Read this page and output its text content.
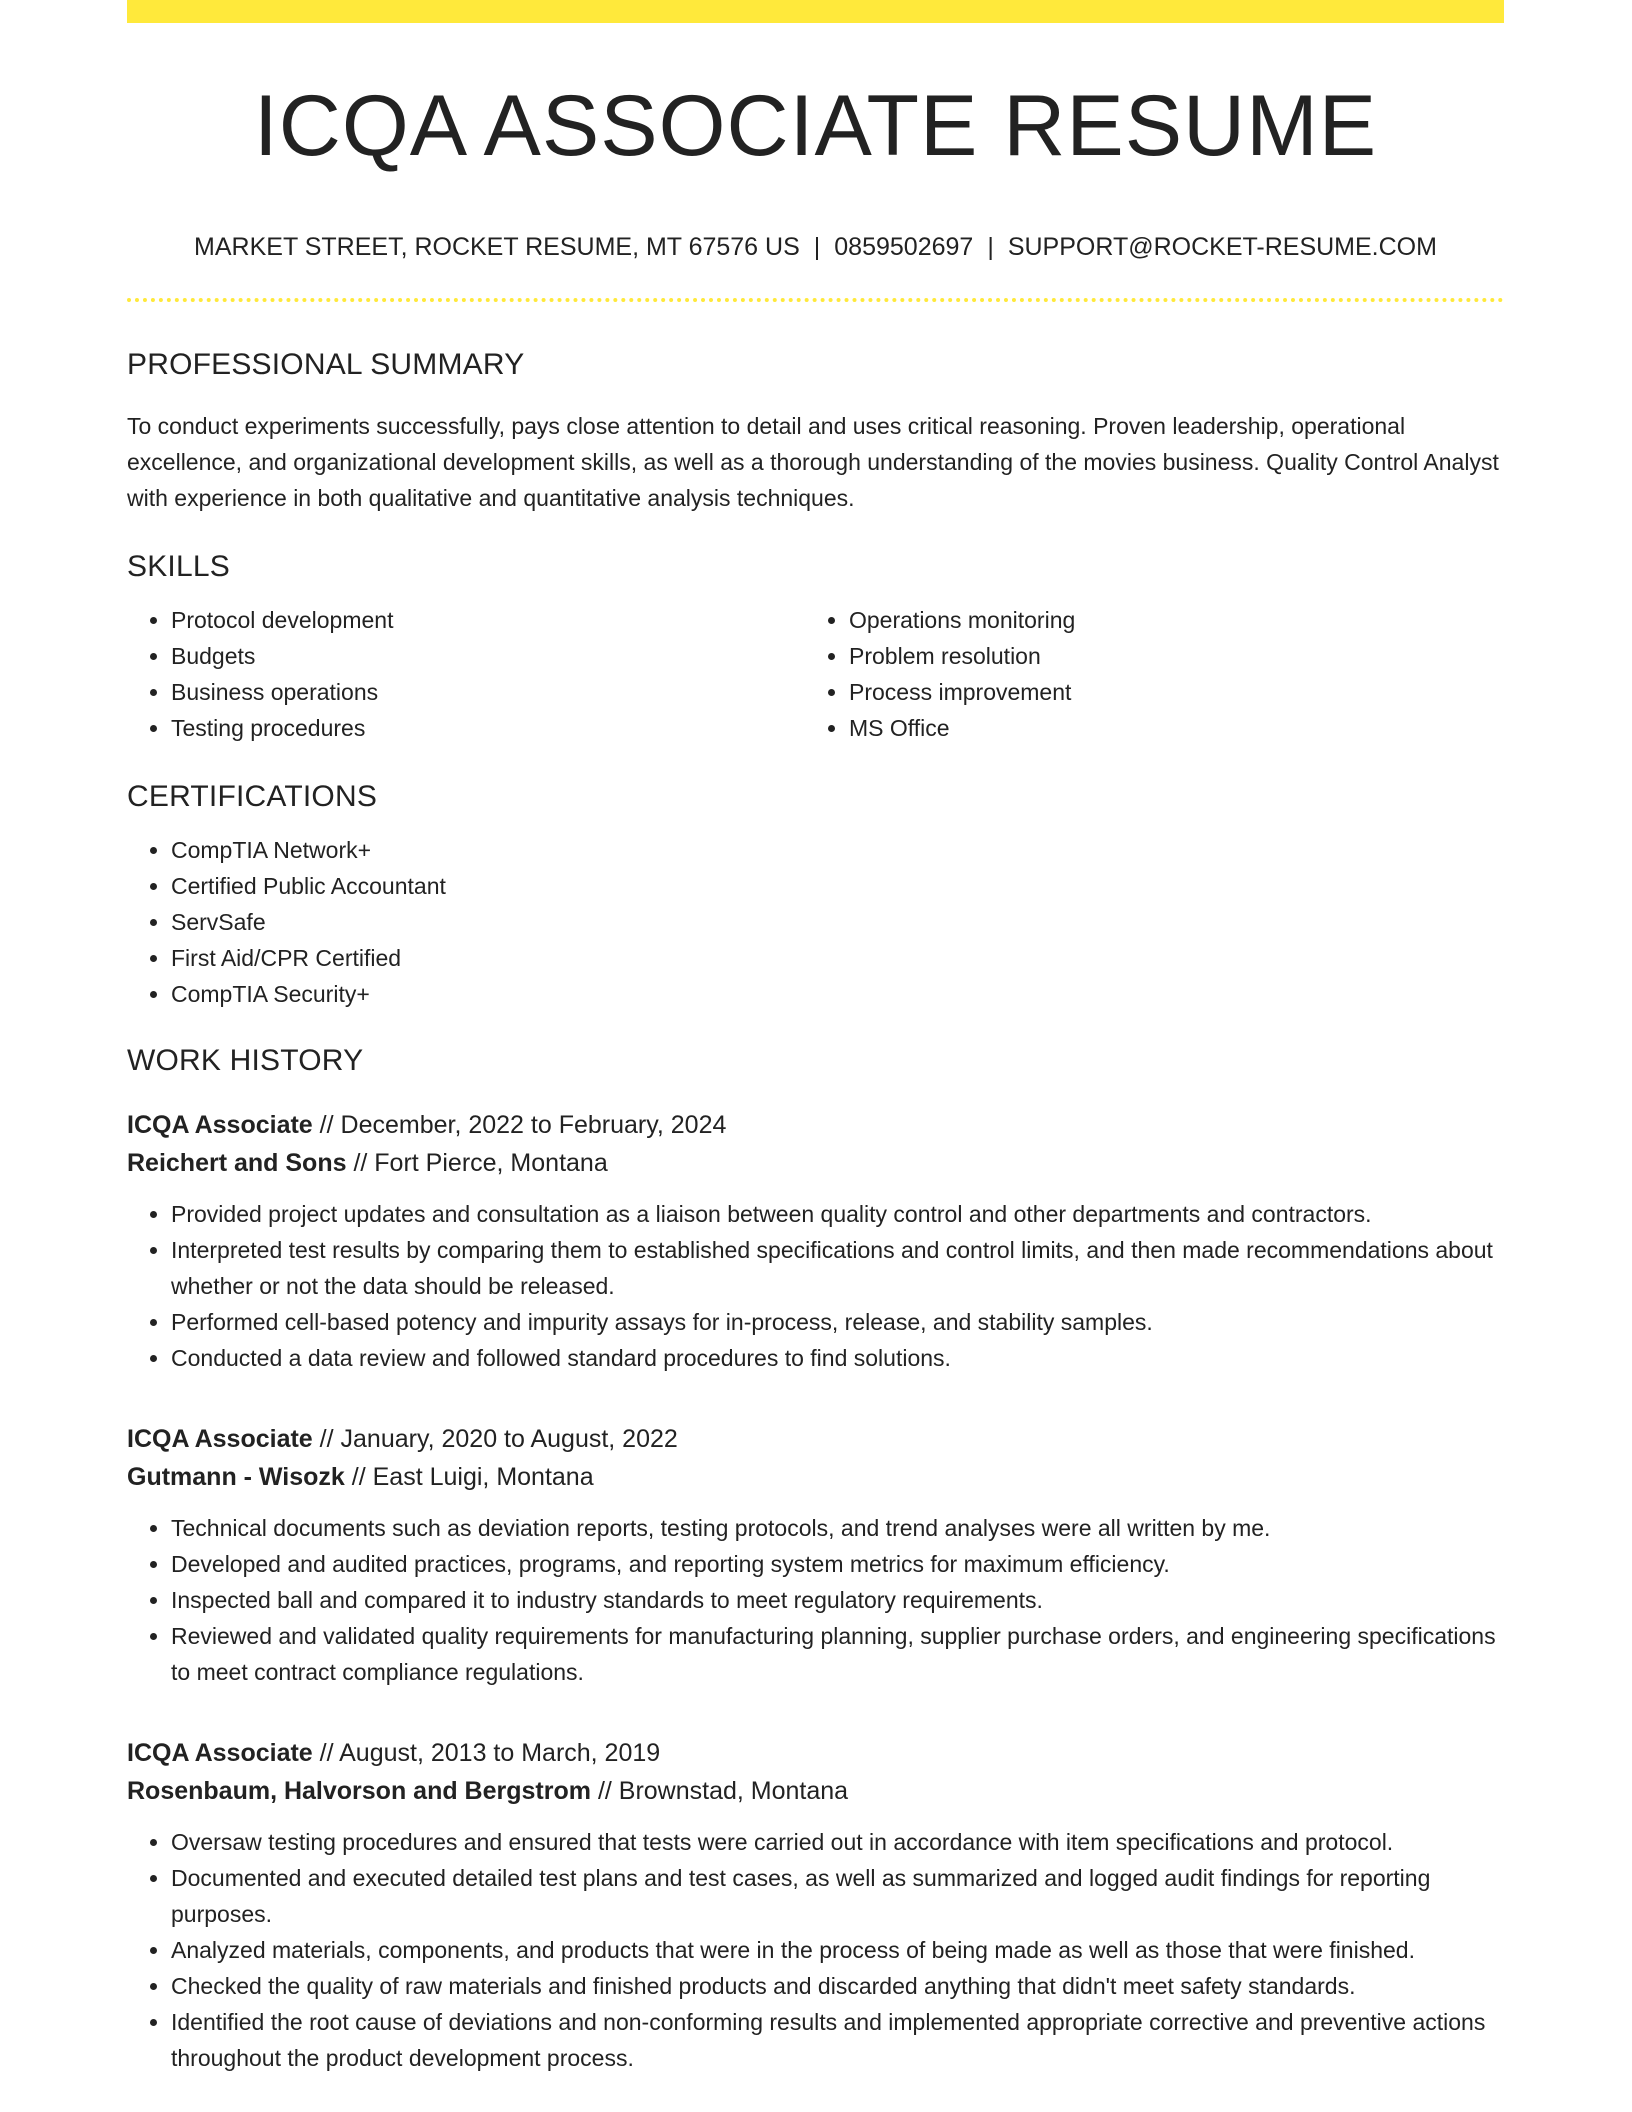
ICQA ASSOCIATE RESUME
MARKET STREET, ROCKET RESUME, MT 67576 US | 0859502697 | SUPPORT@ROCKET-RESUME.COM
PROFESSIONAL SUMMARY
To conduct experiments successfully, pays close attention to detail and uses critical reasoning. Proven leadership, operational excellence, and organizational development skills, as well as a thorough understanding of the movies business. Quality Control Analyst with experience in both qualitative and quantitative analysis techniques.
SKILLS
• Protocol development
• Budgets
• Business operations
• Testing procedures
• Operations monitoring
• Problem resolution
• Process improvement
• MS Office
CERTIFICATIONS
• CompTIA Network+
• Certified Public Accountant
• ServSafe
• First Aid/CPR Certified
• CompTIA Security+
WORK HISTORY
ICQA Associate // December, 2022 to February, 2024
Reichert and Sons // Fort Pierce, Montana
• Provided project updates and consultation as a liaison between quality control and other departments and contractors.
• Interpreted test results by comparing them to established specifications and control limits, and then made recommendations about whether or not the data should be released.
• Performed cell-based potency and impurity assays for in-process, release, and stability samples.
• Conducted a data review and followed standard procedures to find solutions.
ICQA Associate // January, 2020 to August, 2022
Gutmann - Wisozk // East Luigi, Montana
• Technical documents such as deviation reports, testing protocols, and trend analyses were all written by me.
• Developed and audited practices, programs, and reporting system metrics for maximum efficiency.
• Inspected ball and compared it to industry standards to meet regulatory requirements.
• Reviewed and validated quality requirements for manufacturing planning, supplier purchase orders, and engineering specifications to meet contract compliance regulations.
ICQA Associate // August, 2013 to March, 2019
Rosenbaum, Halvorson and Bergstrom // Brownstad, Montana
• Oversaw testing procedures and ensured that tests were carried out in accordance with item specifications and protocol.
• Documented and executed detailed test plans and test cases, as well as summarized and logged audit findings for reporting purposes.
• Analyzed materials, components, and products that were in the process of being made as well as those that were finished.
• Checked the quality of raw materials and finished products and discarded anything that didn't meet safety standards.
• Identified the root cause of deviations and non-conforming results and implemented appropriate corrective and preventive actions throughout the product development process.
